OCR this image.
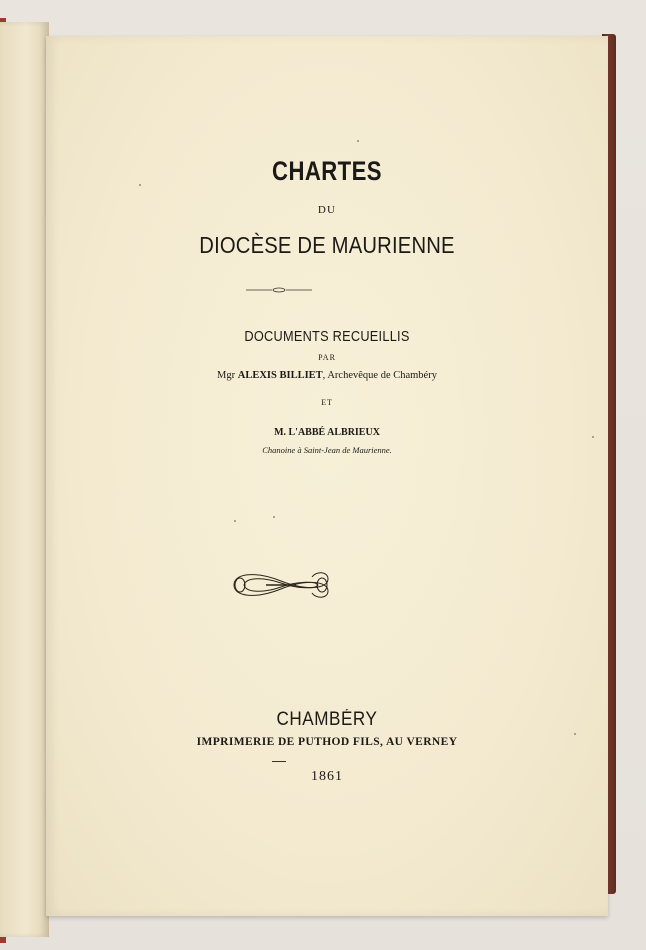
CHARTES
DU
DIOCÈSE DE MAURIENNE
DOCUMENTS RECUEILLIS
PAR
Mgr ALEXIS BILLIET, Archevêque de Chambéry
ET
M. L'ABBÉ ALBRIEUX
Chanoine à Saint-Jean de Maurienne.
CHAMBÉRY
IMPRIMERIE DE PUTHOD FILS, AU VERNEY
1861
